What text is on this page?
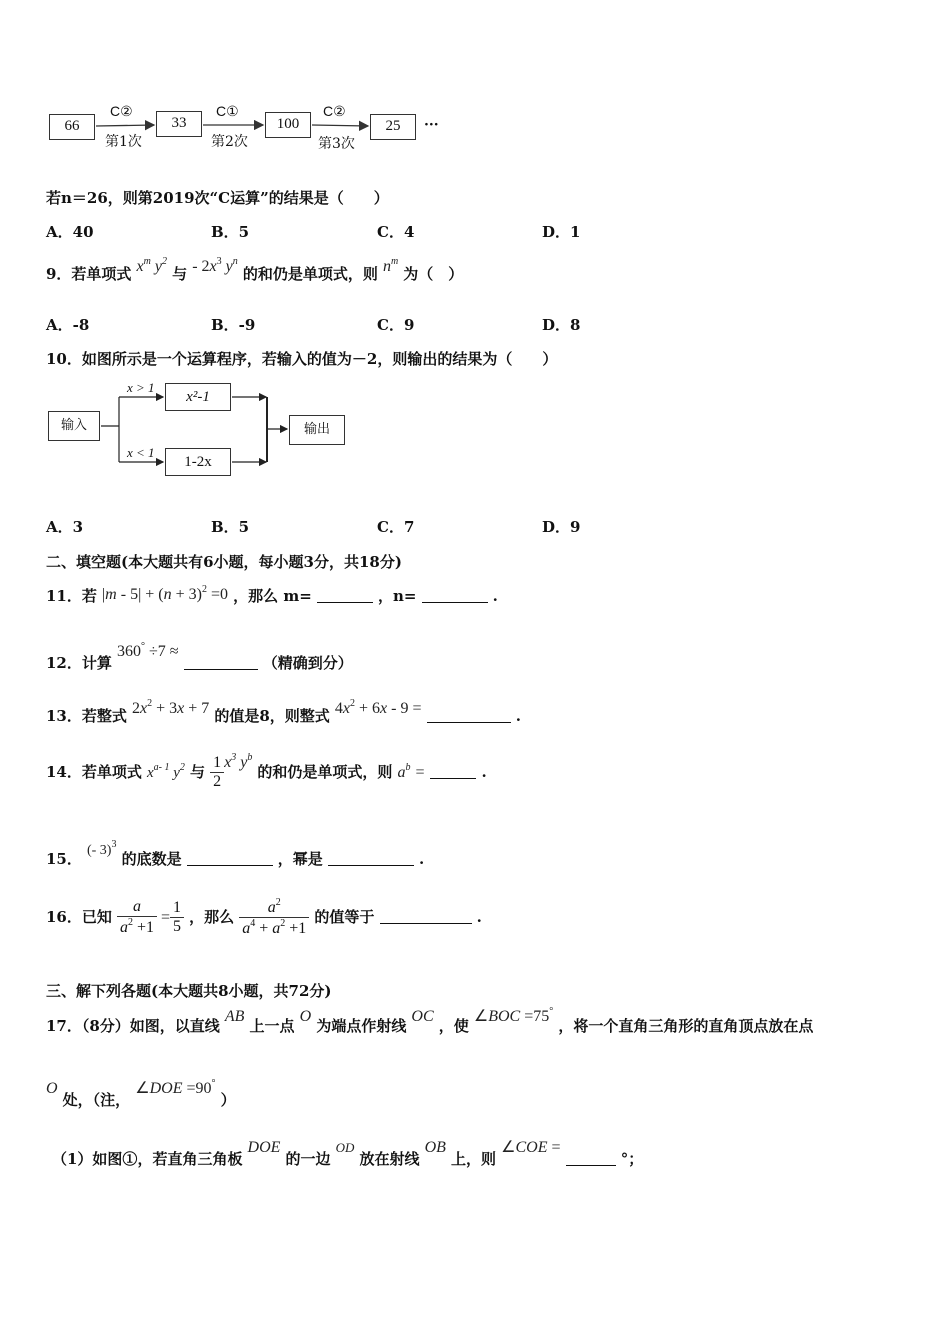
66	33	100	25
C②	C①	C②
第1次	第2次	第3次
···
若n＝26，则第2019次“C运算”的结果是（　　）
A．40	B．5	C．4	D．1
9．若单项式 $x^m$ $y^2$ 与 - $2x^3$ $y^n$ 的和仍是单项式，则 $n^m$ 为（　）
A．-8	B．-9	C．9	D．8
10．如图所示是一个运算程序，若输入的值为－2，则输出的结果为（　　）
输入
x²-1
1-2x
输出
x > 1
x < 1
A．3	B．5	C．7	D．9
二、填空题(本大题共有6小题，每小题3分，共18分)
11．若 $|m - 5| + (n + 3)^2 =0$ ，那么 m=	，n=	.
12．计算 360° ÷7 ≈  （精确到分）
13．若整式 $2x^2 + 3x + 7$ 的值是8，则整式 $4x^2 + 6x - 9$ =	.
14．若单项式 $x^{a- 1}$ $y^2$ 与 $\frac{1}{2} x^3$ $y^b$ 的和仍是单项式，则 $a^b$ =	.
15． (- 3)$^3$ 的底数是	，幂是	.
16．已知 $\frac{a}{a^2 +1} = \frac{1}{5}$ ，那么 $\frac{a^2}{a^4 + a^2 +1}$ 的值等于	.
三、解下列各题(本大题共8小题，共72分)
17．（8分）如图，以直线 AB 上一点 O 为端点作射线 OC ，使 ∠BOC =75° ，将一个直角三角形的直角顶点放在点
O 处，（注， ∠DOE =90° ）
（1）如图①，若直角三角板 DOE 的一边 OD 放在射线 OB 上，则 ∠COE =  °；
